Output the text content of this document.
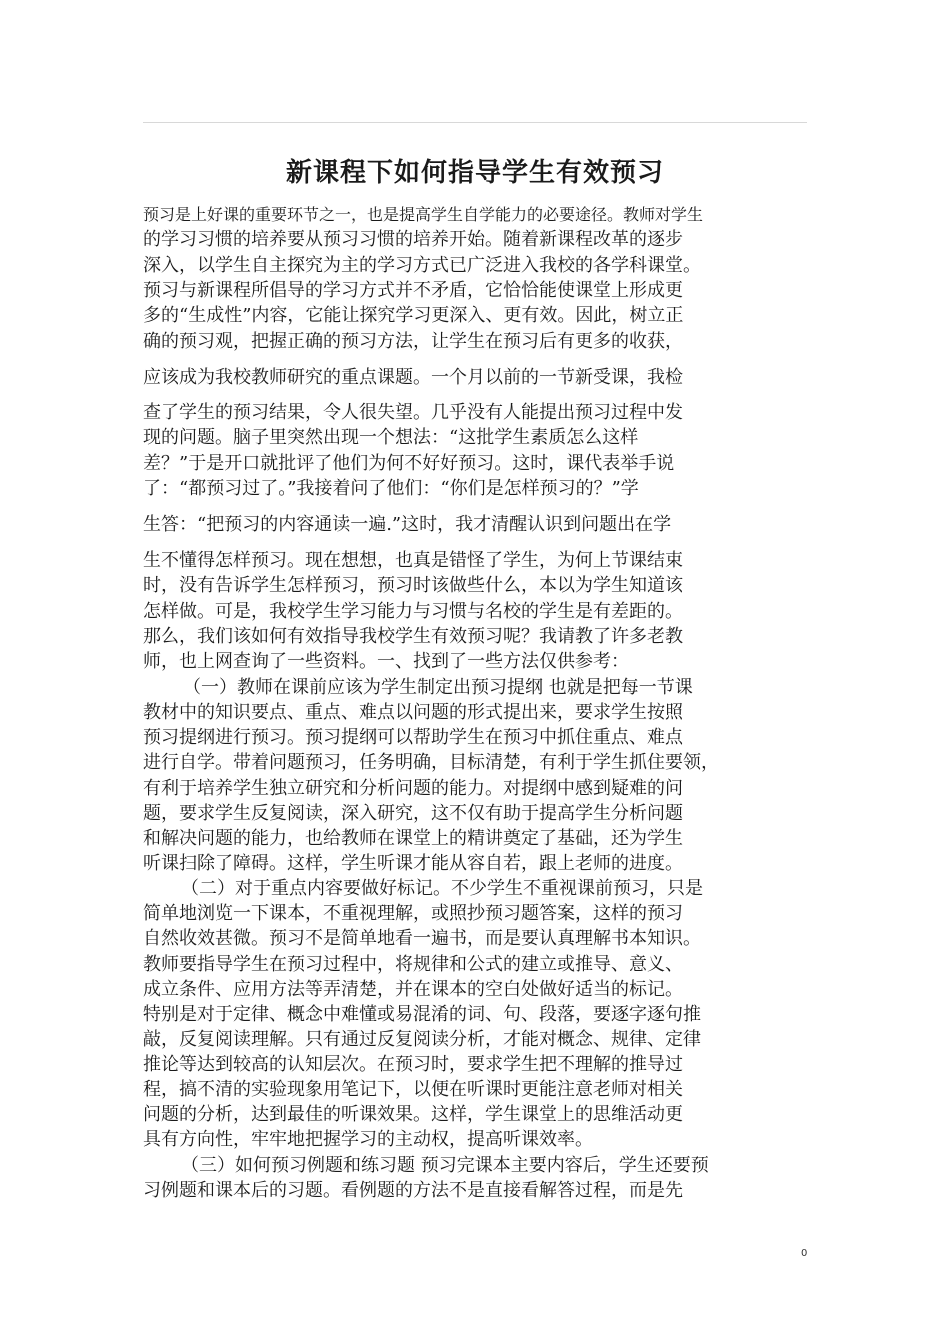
新课程下如何指导学生有效预习

预习是上好课的重要环节之一，也是提高学生自学能力的必要途径。教师对学生

的学习习惯的培养要从预习习惯的培养开始。随着新课程改革的逐步

深入，以学生自主探究为主的学习方式已广泛进入我校的各学科课堂。

预习与新课程所倡导的学习方式并不矛盾，它恰恰能使课堂上形成更

多的“生成性”内容，它能让探究学习更深入、更有效。因此，树立正

确的预习观，把握正确的预习方法，让学生在预习后有更多的收获，

应该成为我校教师研究的重点课题。一个月以前的一节新受课，我检

查了学生的预习结果，令人很失望。几乎没有人能提出预习过程中发

现的问题。脑子里突然出现一个想法：“这批学生素质怎么这样

差？”于是开口就批评了他们为何不好好预习。这时，课代表举手说

了：“都预习过了。”我接着问了他们：“你们是怎样预习的？”学

生答：“把预习的内容通读一遍.”这时，我才清醒认识到问题出在学

生不懂得怎样预习。现在想想，也真是错怪了学生，为何上节课结束

时，没有告诉学生怎样预习，预习时该做些什么，本以为学生知道该

怎样做。可是，我校学生学习能力与习惯与名校的学生是有差距的。

那么，我们该如何有效指导我校学生有效预习呢？我请教了许多老教

师，也上网查询了一些资料。一、找到了一些方法仅供参考：

（一）教师在课前应该为学生制定出预习提纲 也就是把每一节课

教材中的知识要点、重点、难点以问题的形式提出来，要求学生按照

预习提纲进行预习。预习提纲可以帮助学生在预习中抓住重点、难点

进行自学。带着问题预习，任务明确，目标清楚，有利于学生抓住要领，

有利于培养学生独立研究和分析问题的能力。对提纲中感到疑难的问

题，要求学生反复阅读，深入研究，这不仅有助于提高学生分析问题

和解决问题的能力，也给教师在课堂上的精讲奠定了基础，还为学生

听课扫除了障碍。这样，学生听课才能从容自若，跟上老师的进度。

（二）对于重点内容要做好标记。不少学生不重视课前预习，只是

简单地浏览一下课本，不重视理解，或照抄预习题答案，这样的预习

自然收效甚微。预习不是简单地看一遍书，而是要认真理解书本知识。

教师要指导学生在预习过程中，将规律和公式的建立或推导、意义、

成立条件、应用方法等弄清楚，并在课本的空白处做好适当的标记。

特别是对于定律、概念中难懂或易混淆的词、句、段落，要逐字逐句推

敲，反复阅读理解。只有通过反复阅读分析，才能对概念、规律、定律

推论等达到较高的认知层次。在预习时，要求学生把不理解的推导过

程，搞不清的实验现象用笔记下，以便在听课时更能注意老师对相关

问题的分析，达到最佳的听课效果。这样，学生课堂上的思维活动更

具有方向性，牢牢地把握学习的主动权，提高听课效率。

（三）如何预习例题和练习题 预习完课本主要内容后，学生还要预

习例题和课本后的习题。看例题的方法不是直接看解答过程，而是先

0
